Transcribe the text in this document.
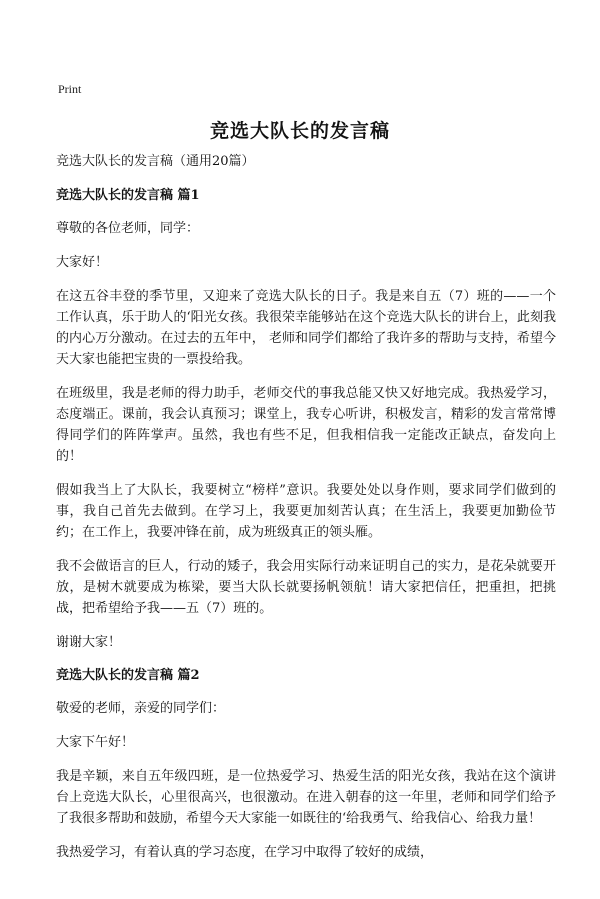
Print
竞选大队长的发言稿

竞选大队长的发言稿（通用20篇）

竞选大队长的发言稿 篇1

尊敬的各位老师，同学：

大家好！

在这五谷丰登的季节里，又迎来了竞选大队长的日子。我是来自五（7）班的——一个工作认真，乐于助人的‘阳光女孩。我很荣幸能够站在这个竞选大队长的讲台上，此刻我的内心万分激动。在过去的五年中， 老师和同学们都给了我许多的帮助与支持，希望今天大家也能把宝贵的一票投给我。

在班级里，我是老师的得力助手，老师交代的事我总能又快又好地完成。我热爱学习，态度端正。课前，我会认真预习；课堂上，我专心听讲，积极发言，精彩的发言常常博得同学们的阵阵掌声。虽然，我也有些不足，但我相信我一定能改正缺点，奋发向上的！

假如我当上了大队长，我要树立“榜样”意识。我要处处以身作则，要求同学们做到的事，我自己首先去做到。在学习上，我要更加刻苦认真；在生活上，我要更加勤俭节约；在工作上，我要冲锋在前，成为班级真正的领头雁。

我不会做语言的巨人，行动的矮子，我会用实际行动来证明自己的实力，是花朵就要开放，是树木就要成为栋梁，要当大队长就要扬帆领航！请大家把信任，把重担，把挑战，把希望给予我——五（7）班的。

谢谢大家！

竞选大队长的发言稿 篇2

敬爱的老师，亲爱的同学们：

大家下午好！

我是辛颖，来自五年级四班，是一位热爱学习、热爱生活的阳光女孩，我站在这个演讲台上竞选大队长，心里很高兴，也很激动。在进入朝春的这一年里，老师和同学们给予了我很多帮助和鼓励，希望今天大家能一如既往的‘给我勇气、给我信心、给我力量！

我热爱学习，有着认真的学习态度，在学习中取得了较好的成绩，
